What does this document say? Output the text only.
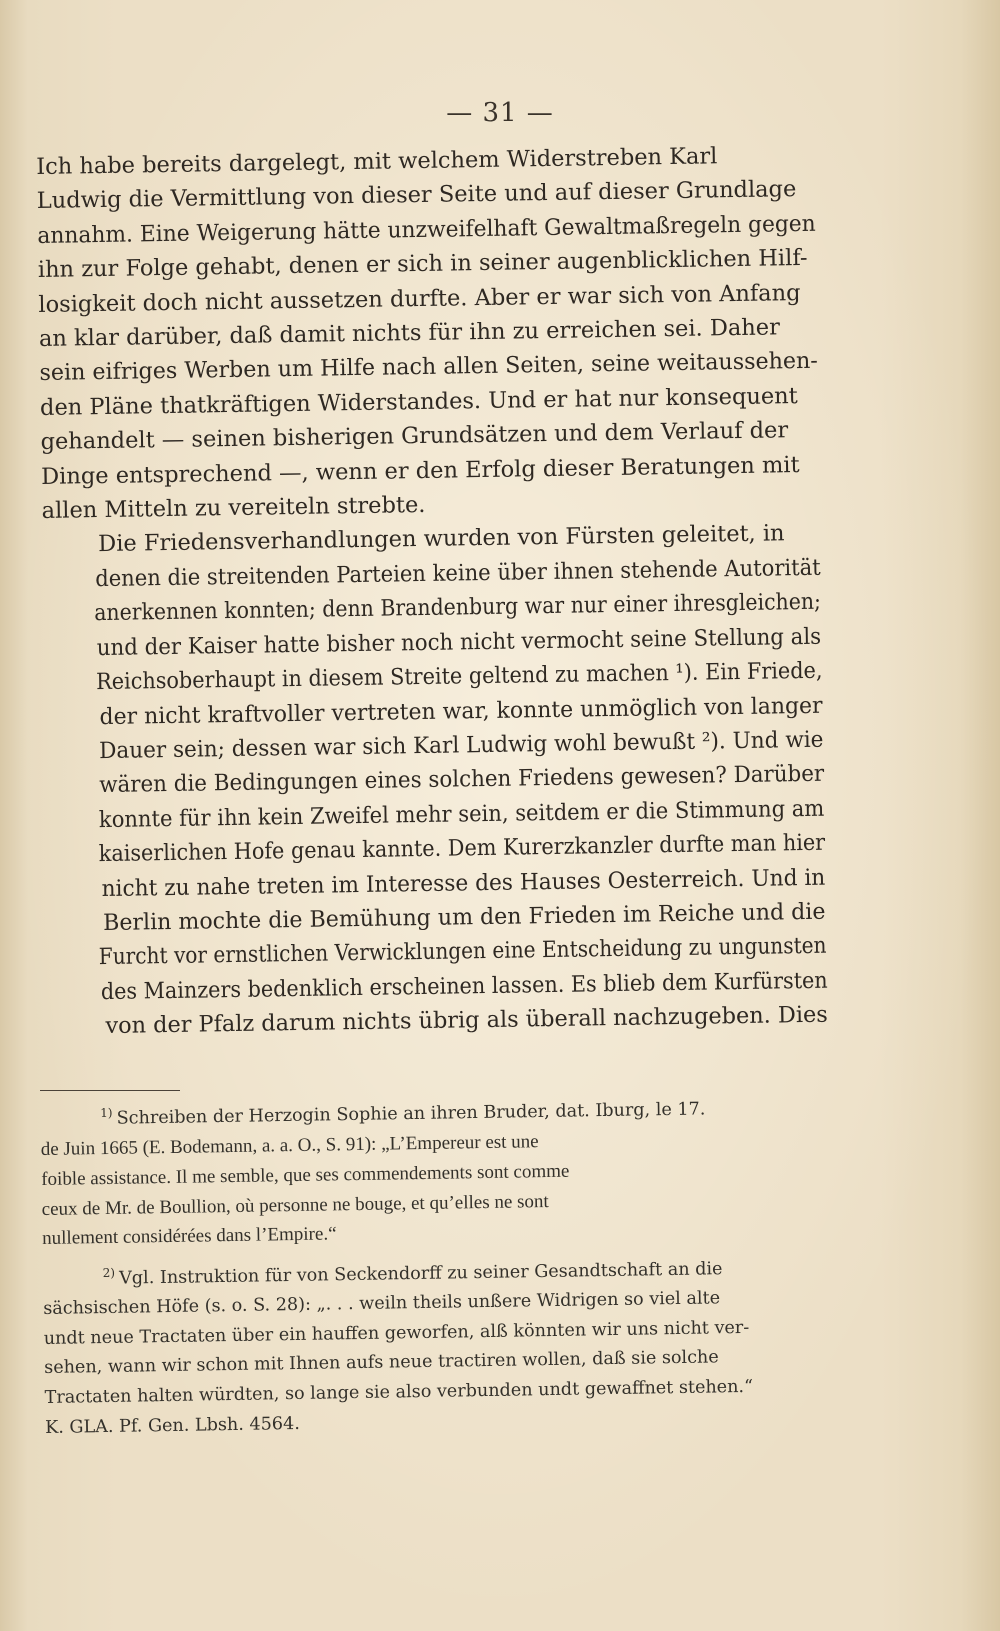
— 31 —

Ich habe bereits dargelegt, mit welchem Widerstreben Karl
Ludwig die Vermittlung von dieser Seite und auf dieser Grundlage
annahm. Eine Weigerung hätte unzweifelhaft Gewaltmaßregeln gegen
ihn zur Folge gehabt, denen er sich in seiner augenblicklichen Hilf-
losigkeit doch nicht aussetzen durfte. Aber er war sich von Anfang
an klar darüber, daß damit nichts für ihn zu erreichen sei. Daher
sein eifriges Werben um Hilfe nach allen Seiten, seine weitaussehen-
den Pläne thatkräftigen Widerstandes. Und er hat nur konsequent
gehandelt — seinen bisherigen Grundsätzen und dem Verlauf der
Dinge entsprechend —, wenn er den Erfolg dieser Beratungen mit
allen Mitteln zu vereiteln strebte.

Die Friedensverhandlungen wurden von Fürsten geleitet, in
denen die streitenden Parteien keine über ihnen stehende Autorität
anerkennen konnten; denn Brandenburg war nur einer ihresgleichen;
und der Kaiser hatte bisher noch nicht vermocht seine Stellung als
Reichsoberhaupt in diesem Streite geltend zu machen ¹). Ein Friede,
der nicht kraftvoller vertreten war, konnte unmöglich von langer
Dauer sein; dessen war sich Karl Ludwig wohl bewußt ²). Und wie
wären die Bedingungen eines solchen Friedens gewesen? Darüber
konnte für ihn kein Zweifel mehr sein, seitdem er die Stimmung am
kaiserlichen Hofe genau kannte. Dem Kurerzkanzler durfte man hier
nicht zu nahe treten im Interesse des Hauses Oesterreich. Und in
Berlin mochte die Bemühung um den Frieden im Reiche und die
Furcht vor ernstlichen Verwicklungen eine Entscheidung zu ungunsten
des Mainzers bedenklich erscheinen lassen. Es blieb dem Kurfürsten
von der Pfalz darum nichts übrig als überall nachzugeben. Dies

$^{1)}$ Schreiben der Herzogin Sophie an ihren Bruder, dat. Iburg, le 17.
de Juin 1665 (E. Bodemann, a. a. O., S. 91): „L’Empereur est une
foible assistance. Il me semble, que ses commendements sont comme
ceux de Mr. de Boullion, où personne ne bouge, et qu’elles ne sont
nullement considérées dans l’Empire.“
$^{2)}$ Vgl. Instruktion für von Seckendorff zu seiner Gesandtschaft an die
sächsischen Höfe (s. o. S. 28): „. . . weiln theils unßere Widrigen so viel alte
undt neue Tractaten über ein hauffen geworfen, alß könnten wir uns nicht ver-
sehen, wann wir schon mit Ihnen aufs neue tractiren wollen, daß sie solche
Tractaten halten würdten, so lange sie also verbunden undt gewaffnet stehen.“
K. GLA. Pf. Gen. Lbsh. 4564.
